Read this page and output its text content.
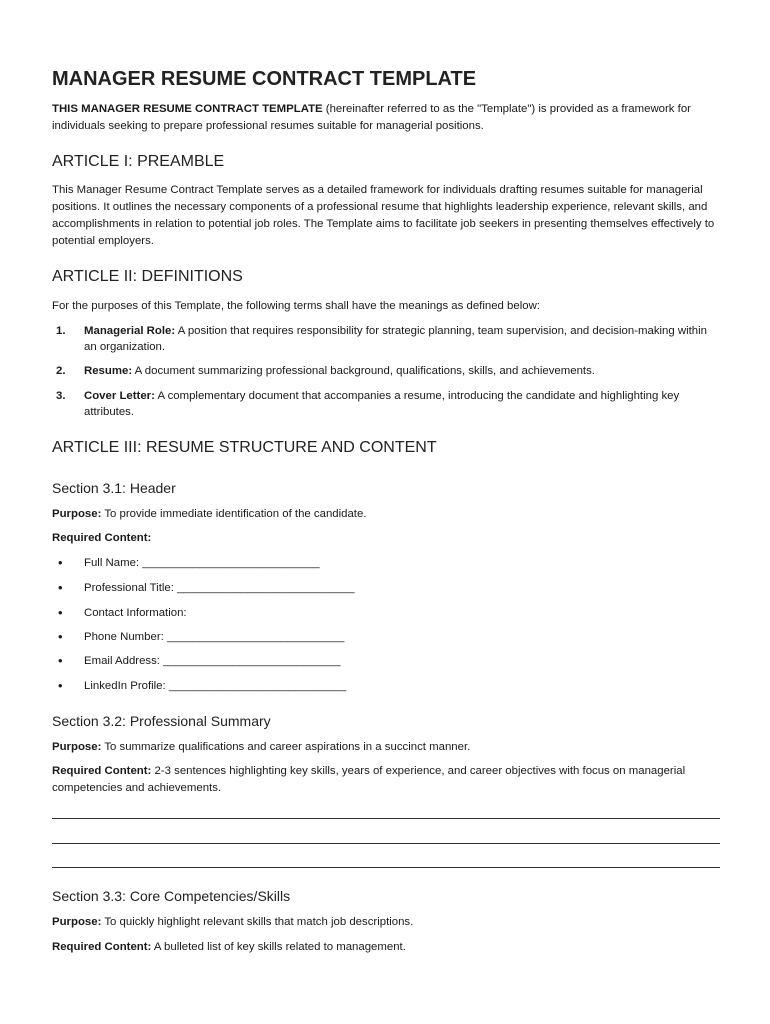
MANAGER RESUME CONTRACT TEMPLATE

THIS MANAGER RESUME CONTRACT TEMPLATE (hereinafter referred to as the "Template") is provided as a framework for individuals seeking to prepare professional resumes suitable for managerial positions.

ARTICLE I: PREAMBLE

This Manager Resume Contract Template serves as a detailed framework for individuals drafting resumes suitable for managerial positions. It outlines the necessary components of a professional resume that highlights leadership experience, relevant skills, and accomplishments in relation to potential job roles. The Template aims to facilitate job seekers in presenting themselves effectively to potential employers.

ARTICLE II: DEFINITIONS

For the purposes of this Template, the following terms shall have the meanings as defined below:

1. Managerial Role: A position that requires responsibility for strategic planning, team supervision, and decision-making within an organization.
2. Resume: A document summarizing professional background, qualifications, skills, and achievements.
3. Cover Letter: A complementary document that accompanies a resume, introducing the candidate and highlighting key attributes.
ARTICLE III: RESUME STRUCTURE AND CONTENT
Section 3.1: Header

Purpose: To provide immediate identification of the candidate.

Required Content:

• Full Name: ____________________________
• Professional Title: ____________________________
• Contact Information:
• Phone Number: ____________________________
• Email Address: ____________________________
• LinkedIn Profile: ____________________________
Section 3.2: Professional Summary

Purpose: To summarize qualifications and career aspirations in a succinct manner.

Required Content: 2-3 sentences highlighting key skills, years of experience, and career objectives with focus on managerial competencies and achievements.

Section 3.3: Core Competencies/Skills

Purpose: To quickly highlight relevant skills that match job descriptions.

Required Content: A bulleted list of key skills related to management.
